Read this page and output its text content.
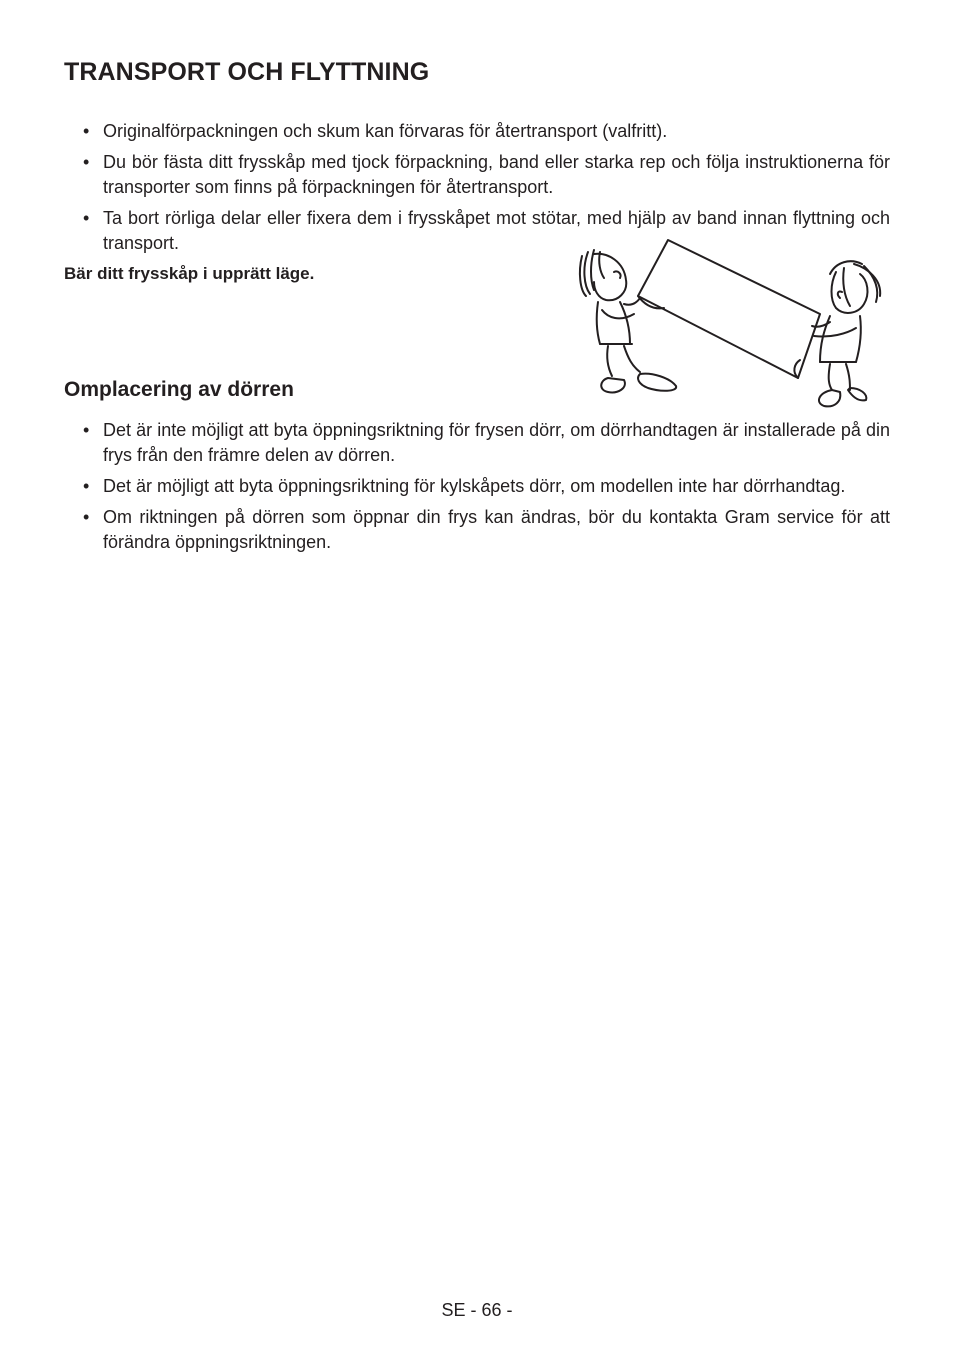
TRANSPORT OCH FLYTTNING
• Originalförpackningen och skum kan förvaras för återtransport (valfritt).
• Du bör fästa ditt frysskåp med tjock förpackning, band eller starka rep och följa instruktionerna för transporter som finns på förpackningen för återtransport.
• Ta bort rörliga delar eller fixera dem i frysskåpet mot stötar, med hjälp av band innan flyttning och transport.

Bär ditt frysskåp i upprätt läge.

Omplacering av dörren
• Det är inte möjligt att byta öppningsriktning för frysen dörr, om dörrhandtagen är installerade på din frys från den främre delen av dörren.
• Det är möjligt att byta öppningsriktning för kylskåpets dörr, om modellen inte har dörrhandtag.
• Om riktningen på dörren som öppnar din frys kan ändras, bör du kontakta Gram service för att förändra öppningsriktningen.
SE - 66 -
